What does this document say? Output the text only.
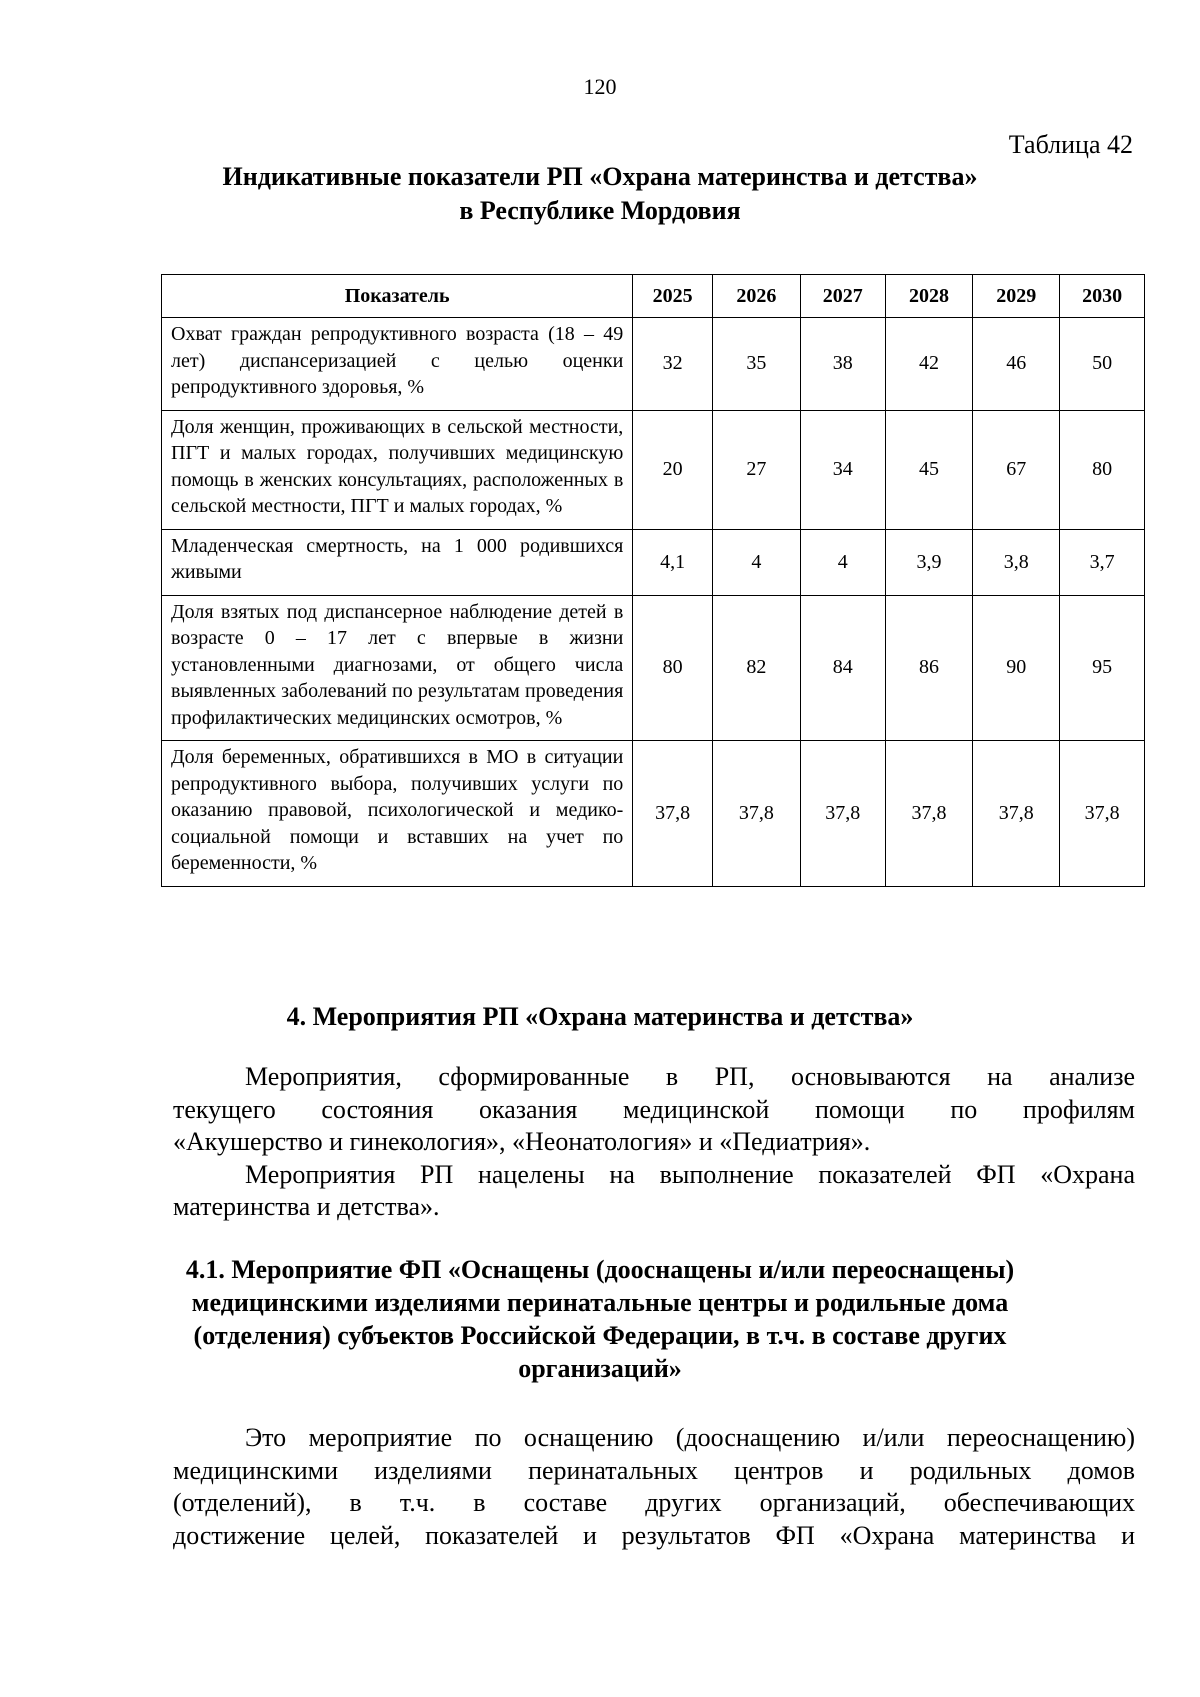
120
Таблица 42
Индикативные показатели РП «Охрана материнства и детства»
в Республике Мордовия
Показатель	2025	2026	2027	2028	2029	2030
Охват граждан репродуктивного возраста (18 – 49 лет) диспансеризацией с целью оценки репродуктивного здоровья, %	32	35	38	42	46	50
Доля женщин, проживающих в сельской местности, ПГТ и малых городах, получивших медицинскую помощь в женских консультациях, расположенных в сельской местности, ПГТ и малых городах, %	20	27	34	45	67	80
Младенческая смертность, на 1 000 родившихся живыми	4,1	4	4	3,9	3,8	3,7
Доля взятых под диспансерное наблюдение детей в возрасте 0 – 17 лет с впервые в жизни установленными диагнозами, от общего числа выявленных заболеваний по результатам проведения профилактических медицинских осмотров, %	80	82	84	86	90	95
Доля беременных, обратившихся в МО в ситуации репродуктивного выбора, получивших услуги по оказанию правовой, психологической и медико-социальной помощи и вставших на учет по беременности, %	37,8	37,8	37,8	37,8	37,8	37,8
4. Мероприятия РП «Охрана материнства и детства»
Мероприятия, сформированные в РП, основываются на анализе
текущего состояния оказания медицинской помощи по профилям
«Акушерство и гинекология», «Неонатология» и «Педиатрия».
Мероприятия РП нацелены на выполнение показателей ФП «Охрана
материнства и детства».
4.1. Мероприятие ФП «Оснащены (дооснащены и/или переоснащены)
медицинскими изделиями перинатальные центры и родильные дома
(отделения) субъектов Российской Федерации, в т.ч. в составе других
организаций»
Это мероприятие по оснащению (дооснащению и/или переоснащению)
медицинскими изделиями перинатальных центров и родильных домов
(отделений), в т.ч. в составе других организаций, обеспечивающих
достижение целей, показателей и результатов ФП «Охрана материнства и
